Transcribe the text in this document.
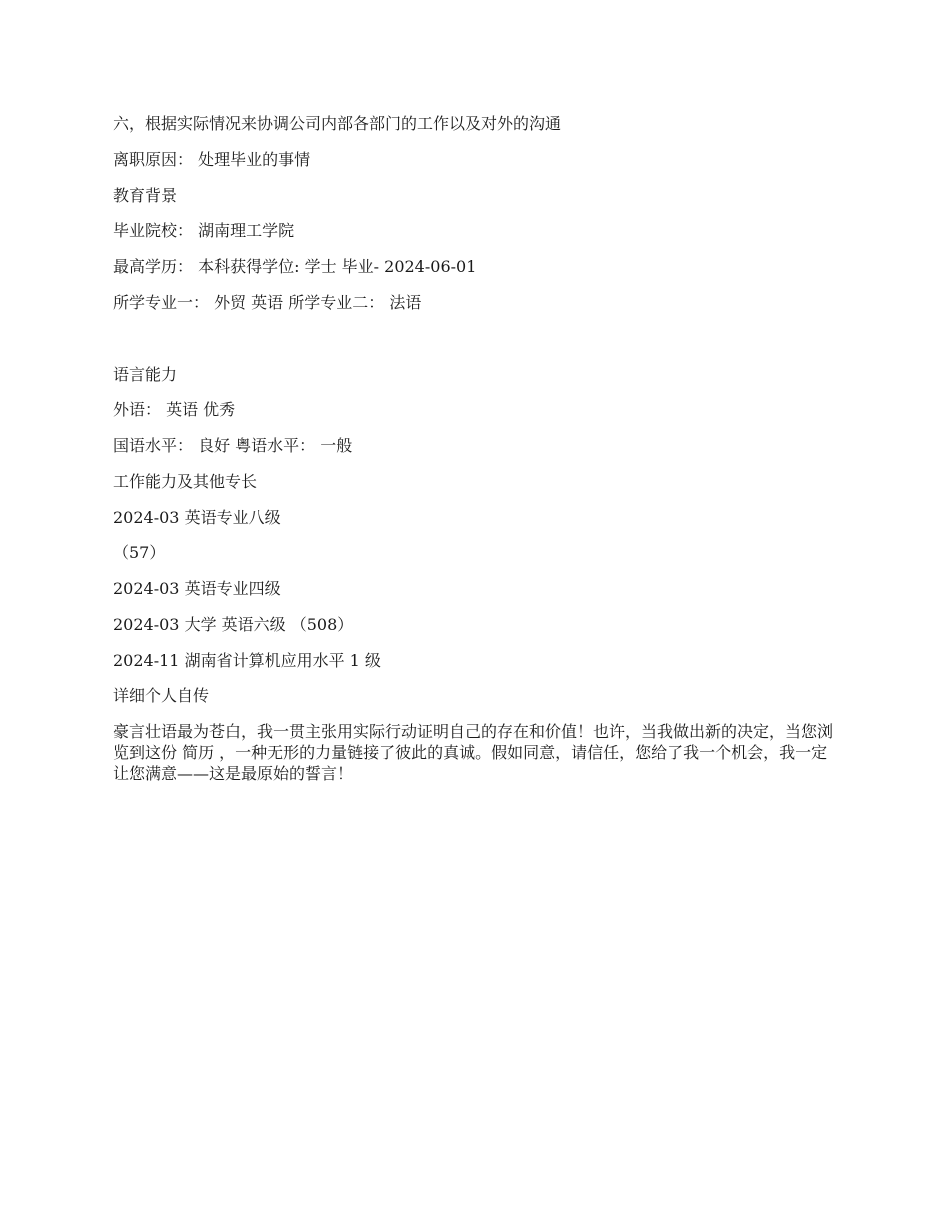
六，根据实际情况来协调公司内部各部门的工作以及对外的沟通
离职原因： 处理毕业的事情
教育背景
毕业院校： 湖南理工学院
最高学历： 本科获得学位: 学士 毕业- 2024-06-01
所学专业一： 外贸 英语 所学专业二： 法语
语言能力
外语： 英语 优秀
国语水平： 良好 粤语水平： 一般
工作能力及其他专长
2024-03 英语专业八级
（57）
2024-03 英语专业四级
2024-03 大学 英语六级 （508）
2024-11 湖南省计算机应用水平 1 级
详细个人自传
豪言壮语最为苍白，我一贯主张用实际行动证明自己的存在和价值！也许，当我做出新的决定，当您浏览到这份 简历 ，一种无形的力量链接了彼此的真诚。假如同意，请信任，您给了我一个机会，我一定让您满意——这是最原始的誓言！
